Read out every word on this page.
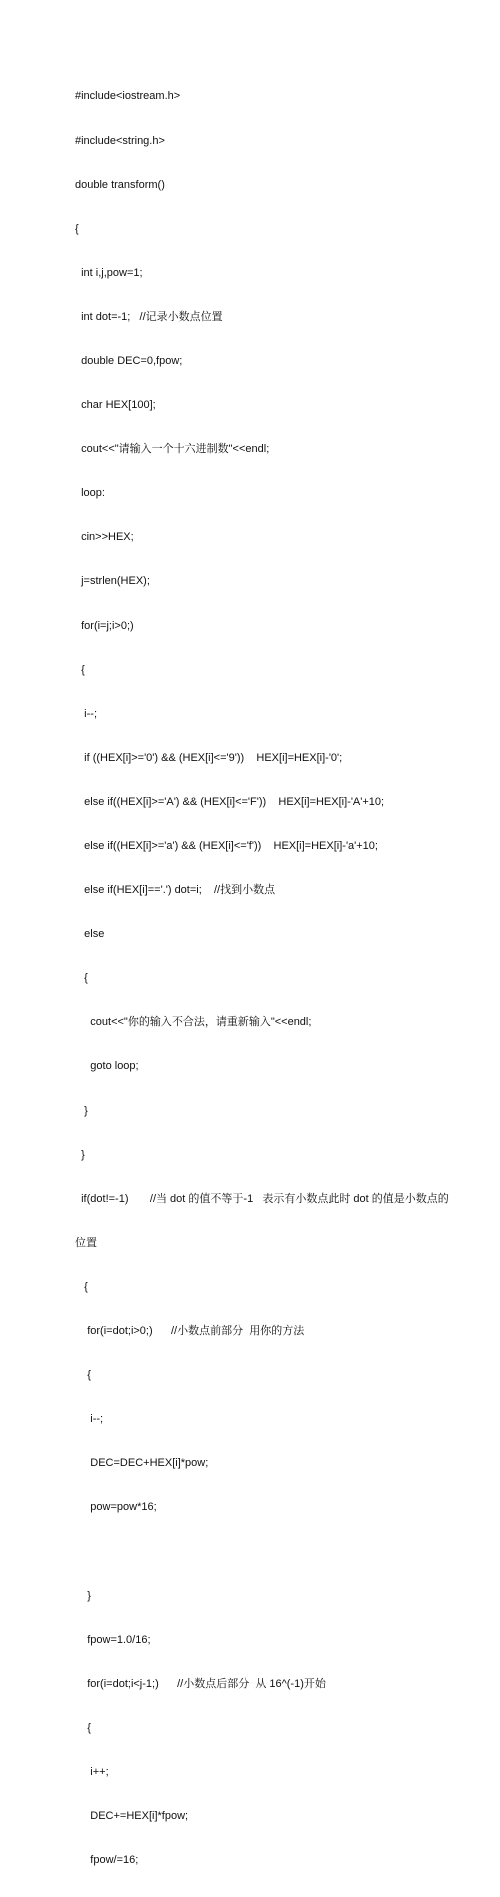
#include<iostream.h>

#include<string.h>

double transform()

{

int i,j,pow=1;

int dot=-1;   //记录小数点位置

double DEC=0,fpow;

char HEX[100];

cout<<"请输入一个十六进制数"<<endl;

loop:

cin>>HEX;

j=strlen(HEX);

for(i=j;i>0;)

{

i--;

if ((HEX[i]>='0') && (HEX[i]<='9'))    HEX[i]=HEX[i]-'0';

else if((HEX[i]>='A') && (HEX[i]<='F'))    HEX[i]=HEX[i]-'A'+10;

else if((HEX[i]>='a') && (HEX[i]<='f'))    HEX[i]=HEX[i]-'a'+10;

else if(HEX[i]=='.') dot=i;    //找到小数点

else

{

cout<<"你的输入不合法，请重新输入"<<endl;

goto loop;

}

}

if(dot!=-1)       //当 dot 的值不等于-1   表示有小数点此时 dot 的值是小数点的

位置

{

for(i=dot;i>0;)      //小数点前部分  用你的方法

{

i--;

DEC=DEC+HEX[i]*pow;

pow=pow*16;

}

fpow=1.0/16;

for(i=dot;i<j-1;)      //小数点后部分  从 16^(-1)开始

{

i++;

DEC+=HEX[i]*fpow;

fpow/=16;
